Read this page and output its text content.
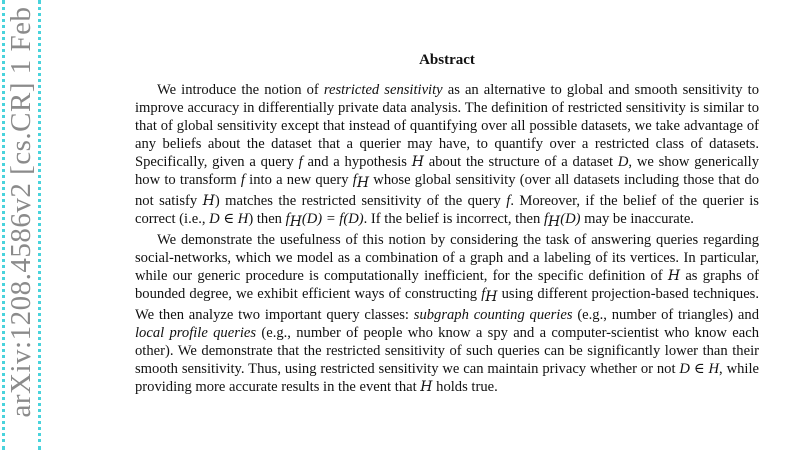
arXiv:1208.4586v2 [cs.CR] 1 Feb	Abstract

We introduce the notion of restricted sensitivity as an alternative to global and smooth sensitivity to improve accuracy in differentially private data analysis. The definition of restricted sensitivity is similar to that of global sensitivity except that instead of quantifying over all possible datasets, we take advantage of any beliefs about the dataset that a querier may have, to quantify over a restricted class of datasets. Specifically, given a query f and a hypothesis H about the structure of a dataset D, we show generically how to transform f into a new query fH whose global sensitivity (over all datasets including those that do not satisfy H) matches the restricted sensitivity of the query f. Moreover, if the belief of the querier is correct (i.e., D ∈ H) then fH(D) = f(D). If the belief is incorrect, then fH(D) may be inaccurate.

We demonstrate the usefulness of this notion by considering the task of answering queries regarding social-networks, which we model as a combination of a graph and a labeling of its vertices. In particular, while our generic procedure is computationally inefficient, for the specific definition of H as graphs of bounded degree, we exhibit efficient ways of constructing fH using different projection-based techniques. We then analyze two important query classes: subgraph counting queries (e.g., number of triangles) and local profile queries (e.g., number of people who know a spy and a computer-scientist who know each other). We demonstrate that the restricted sensitivity of such queries can be significantly lower than their smooth sensitivity. Thus, using restricted sensitivity we can maintain privacy whether or not D ∈ H, while providing more accurate results in the event that H holds true.
